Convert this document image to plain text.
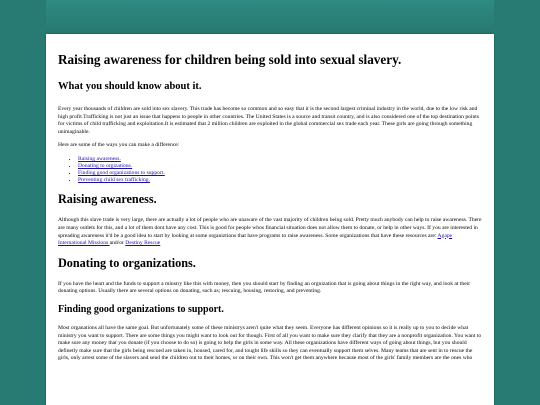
Raising awareness for children being sold into sexual slavery.
What you should know about it.

Every year thousands of children are sold into sex slavery. This trade has become so common and so easy that it is the second largest criminal industry in the world, due to the low risk and high profit.Trafficking is not just an issue that happens to people in other countries. The United States is a source and transit country, and is also considered one of the top destination points for victims of child trafficking and exploitation.It is estimated that 2 million children are exploited in the global commercial sex trade each year. These girls are going through something unimaginable.

Here are some of the ways you can make a difference:

• Raising awareness.
• Donating to orgizations.
• Finding good organizations to support.
• Preventing child sex trafficking.
Raising awareness.

Although this slave trade is very large, there are actually a lot of people who are unaware of the vast majority of children being sold. Pretty much anybody can help to raise awareness. There are many outlets for this, and a lot of them dont have any cost. This is good for people whos financial situation does not allow them to donate, or help in other ways. If you are interested in spreading awareness it'd be a good idea to start by looking at some organiztions that have programs to raise awareness. Some organizations that have these resources are: Agape International Missions and/or Destiny Rescue

Donating to organizations.

If you have the heart and the funds to support a minstry like this with money, then you should start by finding an orgnization that is going about things in the right way, and look at their donating options. Usually there are several options on donating, such as; rescuing, housing, restoring, and preventing.

Finding good organizations to support.

Most organations all have the same goal. But unfortunately some of these ministrys aren't quite what they seem. Everyone has different opinions so it is really up to you to decide what ministry you want to support. There are some things you might want to look out for though. First of all you want to make sure they clarify that they are a nonprofit organization. You want to make sure any money that you donate (if you choose to do so) is going to help the girls in some way. All these organizations have different ways of going about things, but you should definetly make sure that the girls being rescued are taken in, housed, cared for, and tought life skills so they can eventually support them selves. Many teams that are sent in to rescue the girls, only arrest some of the slavers and send the children out to their homes, or on their own. This won't get them anywhere because most of the girls' family members are the ones who
